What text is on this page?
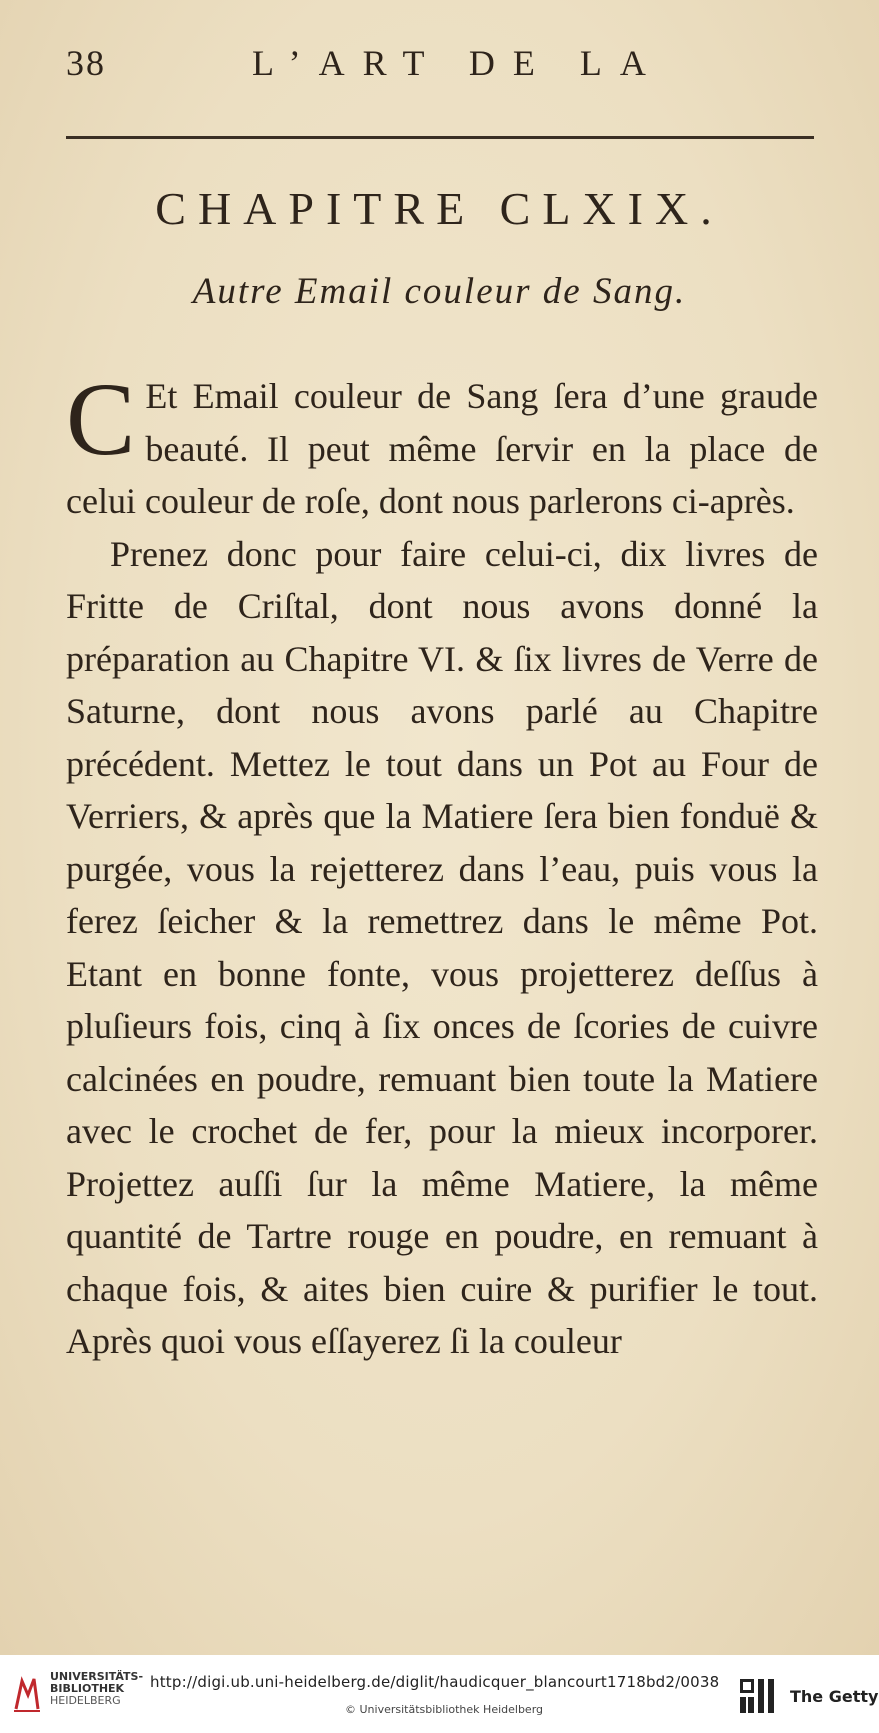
38	L’ART DE LA
CHAPITRE CLXIX.
Autre Email couleur de Sang.

C Et Email couleur de Sang ſera d’une graude beauté. Il peut même ſervir en la place de celui couleur de roſe, dont nous parlerons ci-après.

Prenez donc pour faire celui-ci, dix livres de Fritte de Criſtal, dont nous avons donné la préparation au Chapitre VI. & ſix livres de Verre de Saturne, dont nous avons parlé au Chapitre précédent. Mettez le tout dans un Pot au Four de Verriers, & après que la Matiere ſera bien fonduë & purgée, vous la rejetterez dans l’eau, puis vous la ferez ſeicher & la remettrez dans le même Pot. Etant en bonne fonte, vous projetterez deſſus à pluſieurs fois, cinq à ſix onces de ſcories de cuivre calcinées en poudre, remuant bien toute la Matiere avec le crochet de fer, pour la mieux incorporer. Projettez auſſi ſur la même Matiere, la même quantité de Tartre rouge en poudre, en remuant à chaque fois, & aites bien cuire & purifier le tout. Après quoi vous eſſayerez ſi la couleur

UNIVERSITÄTS-
BIBLIOTHEK
HEIDELBERG
http://digi.ub.uni-heidelberg.de/diglit/haudicquer_blancourt1718bd2/0038
© Universitätsbibliothek Heidelberg
The Getty
